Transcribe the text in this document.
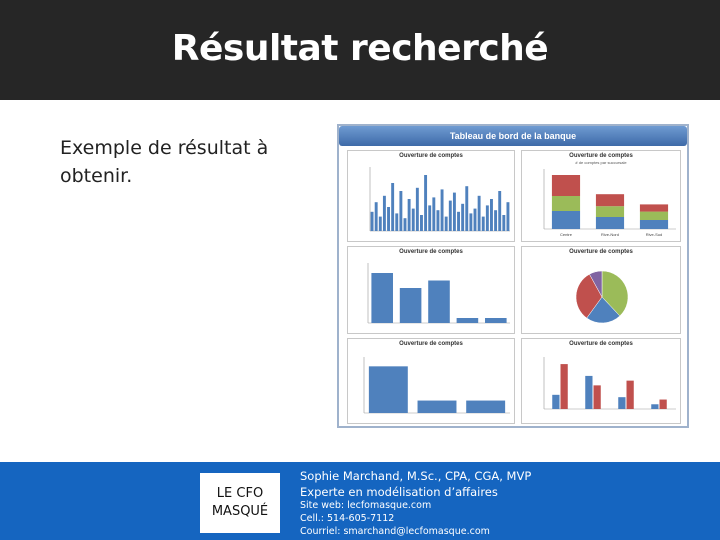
Résultat recherché
Exemple de résultat à obtenir.
Tableau de bord de la banque
Ouverture de comptes	Ouverture de comptes
# de comptes par succursale
Centre	Rive-Nord	Rive-Sud
Ouverture de comptes	Ouverture de comptes
Ouverture de comptes	Ouverture de comptes
LE CFO
MASQUÉ
Sophie Marchand, M.Sc., CPA, CGA, MVP
Experte en modélisation d’affaires
Site web: lecfomasque.com
Cell.: 514-605-7112
Courriel: smarchand@lecfomasque.com
